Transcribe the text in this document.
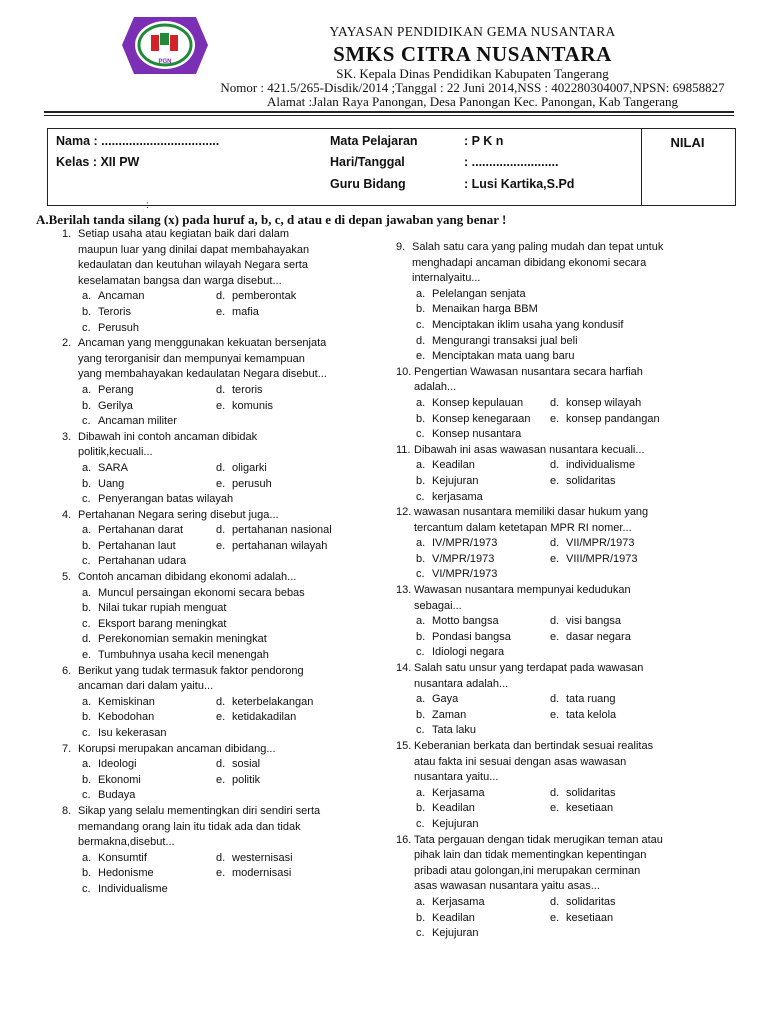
PGN
YAYASAN PENDIDIKAN GEMA NUSANTARA
SMKS CITRA NUSANTARA
SK. Kepala Dinas Pendidikan Kabupaten Tangerang
Nomor : 421.5/265-Disdik/2014 ;Tanggal : 22 Juni 2014,NSS : 402280304007,NPSN: 69858827
Alamat :Jalan Raya Panongan, Desa Panongan Kec. Panongan, Kab Tangerang
Nama : ..................................
Kelas : XII PW
Mata Pelajaran	: P K n
Hari/Tanggal	: .........................
Guru Bidang	: Lusi Kartika,S.Pd
NILAI
:
A.Berilah tanda silang (x) pada huruf a, b, c, d atau e di depan jawaban yang benar !
1. Setiap usaha atau kegiatan baik dari dalam
maupun luar yang dinilai dapat membahayakan
kedaulatan dan keutuhan wilayah Negara serta
keselamatan bangsa dan warga disebut...
a. Ancaman	d. pemberontak
b. Teroris	e. mafia
c. Perusuh
2. Ancaman yang menggunakan kekuatan bersenjata
yang terorganisir dan mempunyai kemampuan
yang membahayakan kedaulatan Negara disebut...
a. Perang	d. teroris
b. Gerilya	e. komunis
c. Ancaman militer
3. Dibawah ini contoh ancaman dibidak
politik,kecuali...
a. SARA	d. oligarki
b. Uang	e. perusuh
c. Penyerangan batas wilayah
4. Pertahanan Negara sering disebut juga...
a. Pertahanan darat	d. pertahanan nasional
b. Pertahanan laut	e. pertahanan wilayah
c. Pertahanan udara
5. Contoh ancaman dibidang ekonomi adalah...
a. Muncul persaingan ekonomi secara bebas
b. Nilai tukar rupiah menguat
c. Eksport barang meningkat
d. Perekonomian semakin meningkat
e. Tumbuhnya usaha kecil menengah
6. Berikut yang tudak termasuk faktor pendorong
ancaman dari dalam yaitu...
a. Kemiskinan	d. keterbelakangan
b. Kebodohan	e. ketidakadilan
c. Isu kekerasan
7. Korupsi merupakan ancaman dibidang...
a. Ideologi	d. sosial
b. Ekonomi	e. politik
c. Budaya
8. Sikap yang selalu mementingkan diri sendiri serta
memandang orang lain itu tidak ada dan tidak
bermakna,disebut...
a. Konsumtif	d. westernisasi
b. Hedonisme	e. modernisasi
c. Individualisme
9. Salah satu cara yang paling mudah dan tepat untuk
menghadapi ancaman dibidang ekonomi secara
internalyaitu...
a. Pelelangan senjata
b. Menaikan harga BBM
c. Menciptakan iklim usaha yang kondusif
d. Mengurangi transaksi jual beli
e. Menciptakan mata uang baru
10. Pengertian Wawasan nusantara secara harfiah
adalah...
a. Konsep kepulauan d. konsep wilayah
b. Konsep kenegaraan e. konsep pandangan
c. Konsep nusantara
11. Dibawah ini asas wawasan nusantara kecuali...
a. Keadilan	d. individualisme
b. Kejujuran	e. solidaritas
c. kerjasama
12. wawasan nusantara memiliki dasar hukum yang
tercantum dalam ketetapan MPR RI nomer...
a. IV/MPR/1973	d. VII/MPR/1973
b. V/MPR/1973	e. VIII/MPR/1973
c. VI/MPR/1973
13. Wawasan nusantara mempunyai kedudukan
sebagai...
a. Motto bangsa	d. visi bangsa
b. Pondasi bangsa	e. dasar negara
c. Idiologi negara
14. Salah satu unsur yang terdapat pada wawasan
nusantara adalah...
a. Gaya	d. tata ruang
b. Zaman	e. tata kelola
c. Tata laku
15. Keberanian berkata dan bertindak sesuai realitas
atau fakta ini sesuai dengan asas wawasan
nusantara yaitu...
a. Kerjasama	d. solidaritas
b. Keadilan	e. kesetiaan
c. Kejujuran
16. Tata pergauan dengan tidak merugikan teman atau
pihak lain dan tidak mementingkan kepentingan
pribadi atau golongan,ini merupakan cerminan
asas wawasan nusantara yaitu asas...
a. Kerjasama	d. solidaritas
b. Keadilan	e. kesetiaan
c. Kejujuran
